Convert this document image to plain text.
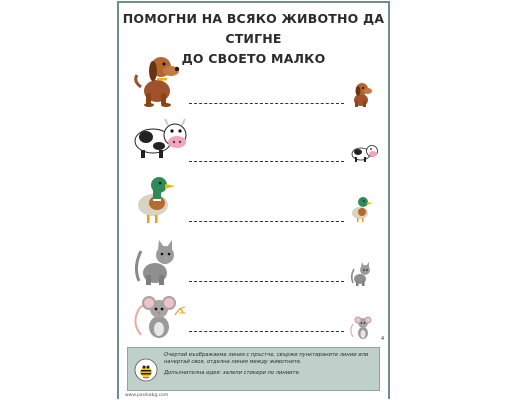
ПОМОГНИ НА ВСЯКО ЖИВОТНО ДА СТИГНЕ
ДО СВОЕТО МАЛКО
4

Очертай въображаема линия с пръстче, свържи пунктираните линии или начертай своя, отделна линия между животните.

Допълнителна идея: залепи стикери по линиите.

www.pasikabg.com
